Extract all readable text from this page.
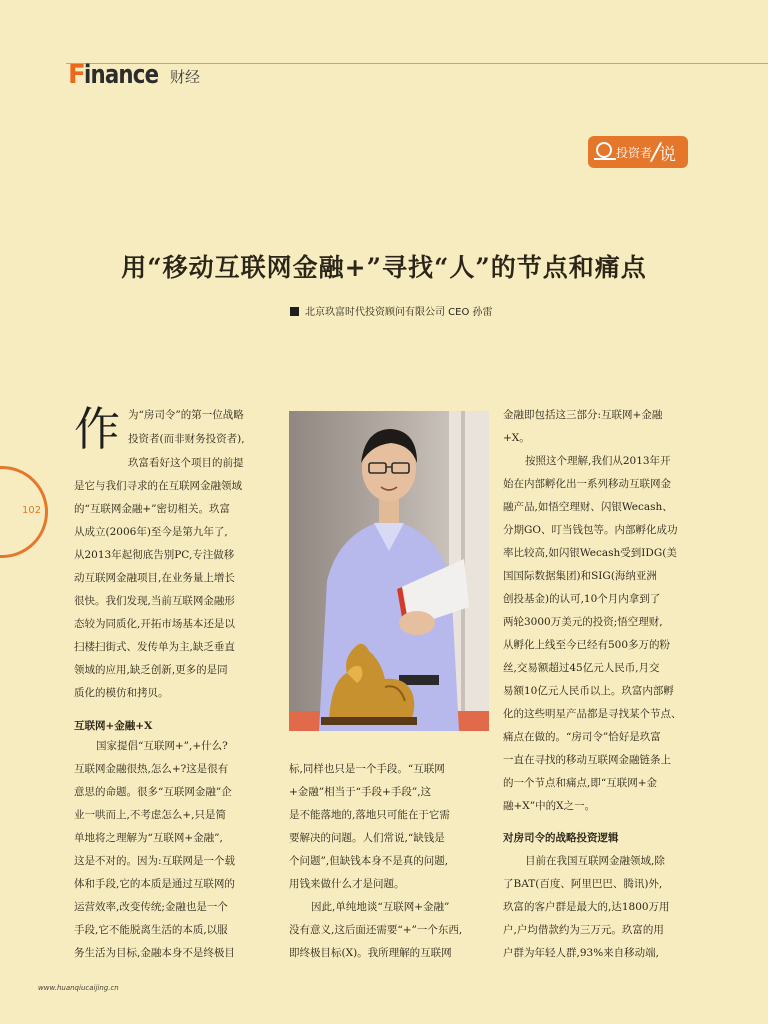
F inance 财经
投资者 说
用“移动互联网金融+”寻找“人”的节点和痛点
北京玖富时代投资顾问有限公司 CEO 孙雷
102
作 为“房司令”的第一位战略
投资者(而非财务投资者),
玖富看好这个项目的前提
是它与我们寻求的在互联网金融领域
的“互联网金融+”密切相关。玖富
从成立(2006年)至今是第九年了,
从2013年起彻底告别PC,专注做移
动互联网金融项目,在业务量上增长
很快。我们发现,当前互联网金融形
态较为同质化,开拓市场基本还是以
扫楼扫街式、发传单为主,缺乏垂直
领域的应用,缺乏创新,更多的是同
质化的模仿和拷贝。
互联网+金融+X
国家提倡“互联网+”,+什么?
互联网金融很热,怎么+?这是很有
意思的命题。很多“互联网金融”企
业一哄而上,不考虑怎么+,只是简
单地将之理解为“互联网+金融”,
这是不对的。因为:互联网是一个载
体和手段,它的本质是通过互联网的
运营效率,改变传统;金融也是一个
手段,它不能脱离生活的本质,以服
务生活为目标,金融本身不是终极目
标,同样也只是一个手段。“互联网
+金融”相当于“手段+手段”,这
是不能落地的,落地只可能在于它需
要解决的问题。人们常说,“缺钱是
个问题”,但缺钱本身不是真的问题,
用钱来做什么才是问题。
因此,单纯地谈“互联网+金融”
没有意义,这后面还需要“+”一个东西,
即终极目标(X)。我所理解的互联网
金融即包括这三部分:互联网+金融
+X。
按照这个理解,我们从2013年开
始在内部孵化出一系列移动互联网金
融产品,如悟空理财、闪银Wecash、
分期GO、叮当钱包等。内部孵化成功
率比较高,如闪银Wecash受到IDG(美
国国际数据集团)和SIG(海纳亚洲
创投基金)的认可,10个月内拿到了
两轮3000万美元的投资;悟空理财,
从孵化上线至今已经有500多万的粉
丝,交易额超过45亿元人民币,月交
易额10亿元人民币以上。玖富内部孵
化的这些明星产品都是寻找某个节点、
痛点在做的。“房司令”恰好是玖富
一直在寻找的移动互联网金融链条上
的一个节点和痛点,即“互联网+金
融+X”中的X之一。
对房司令的战略投资逻辑
目前在我国互联网金融领域,除
了BAT(百度、阿里巴巴、腾讯)外,
玖富的客户群是最大的,达1800万用
户,户均借款约为三万元。玖富的用
户群为年轻人群,93%来自移动端,
www.huanqiucaijing.cn
